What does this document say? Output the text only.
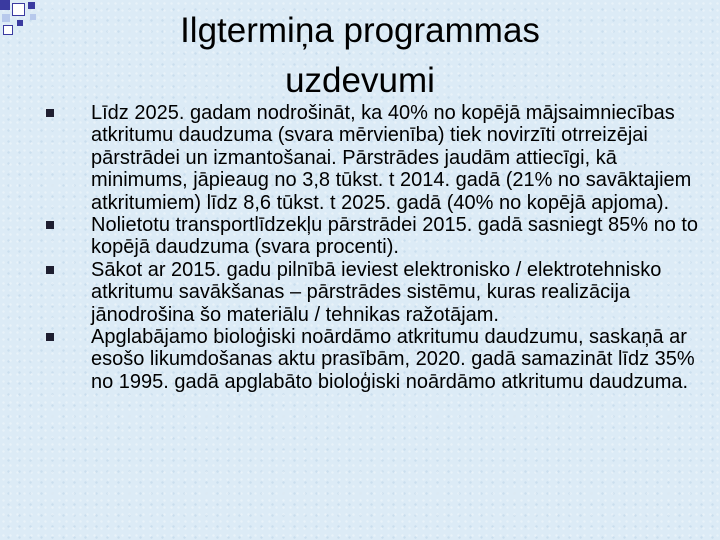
Ilgtermiņa programmas
uzdevumi
Līdz 2025. gadam nodrošināt, ka 40% no kopējā mājsaimniecības atkritumu daudzuma (svara mērvienība) tiek novirzīti otrreizējai pārstrādei un izmantošanai. Pārstrādes jaudām attiecīgi, kā minimums, jāpieaug no 3,8 tūkst. t 2014. gadā (21% no savāktajiem atkritumiem) līdz 8,6 tūkst. t 2025. gadā (40% no kopējā apjoma).
Nolietotu transportlīdzekļu pārstrādei 2015. gadā sasniegt 85% no to kopējā daudzuma (svara procenti).
Sākot ar 2015. gadu pilnībā ieviest elektronisko / elektrotehnisko atkritumu savākšanas – pārstrādes sistēmu, kuras realizācija jānodrošina šo materiālu / tehnikas ražotājam.
Apglabājamo bioloģiski noārdāmo atkritumu daudzumu, saskaņā ar esošo likumdošanas aktu prasībām, 2020. gadā samazināt līdz 35% no 1995. gadā apglabāto bioloģiski noārdāmo atkritumu daudzuma.
